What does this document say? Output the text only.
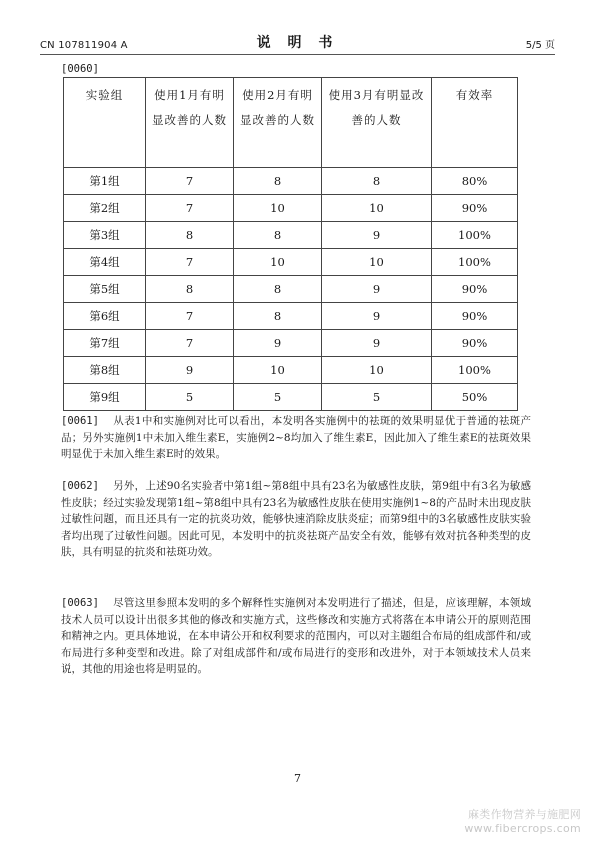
CN 107811904 A	说 明 书	5/5 页
[0060]
实验组	使用1月有明显改善的人数	使用2月有明显改善的人数	使用3月有明显改善的人数	有效率
第1组	7	8	8	80%
第2组	7	10	10	90%
第3组	8	8	9	100%
第4组	7	10	10	100%
第5组	8	8	9	90%
第6组	7	8	9	90%
第7组	7	9	9	90%
第8组	9	10	10	100%
第9组	5	5	5	50%
[0061] 从表1中和实施例对比可以看出，本发明各实施例中的祛斑的效果明显优于普通的祛斑产品；另外实施例1中未加入维生素E，实施例2~8均加入了维生素E，因此加入了维生素E的祛斑效果明显优于未加入维生素E时的效果。
[0062] 另外，上述90名实验者中第1组~第8组中具有23名为敏感性皮肤，第9组中有3名为敏感性皮肤；经过实验发现第1组~第8组中具有23名为敏感性皮肤在使用实施例1~8的产品时未出现皮肤过敏性问题，而且还具有一定的抗炎功效，能够快速消除皮肤炎症；而第9组中的3名敏感性皮肤实验者均出现了过敏性问题。因此可见，本发明中的抗炎祛斑产品安全有效，能够有效对抗各种类型的皮肤，具有明显的抗炎和祛斑功效。
[0063] 尽管这里参照本发明的多个解释性实施例对本发明进行了描述，但是，应该理解，本领域技术人员可以设计出很多其他的修改和实施方式，这些修改和实施方式将落在本申请公开的原则范围和精神之内。更具体地说，在本申请公开和权利要求的范围内，可以对主题组合布局的组成部件和/或布局进行多种变型和改进。除了对组成部件和/或布局进行的变形和改进外，对于本领域技术人员来说，其他的用途也将是明显的。
7
麻类作物营养与施肥网
www.fibercrops.com
